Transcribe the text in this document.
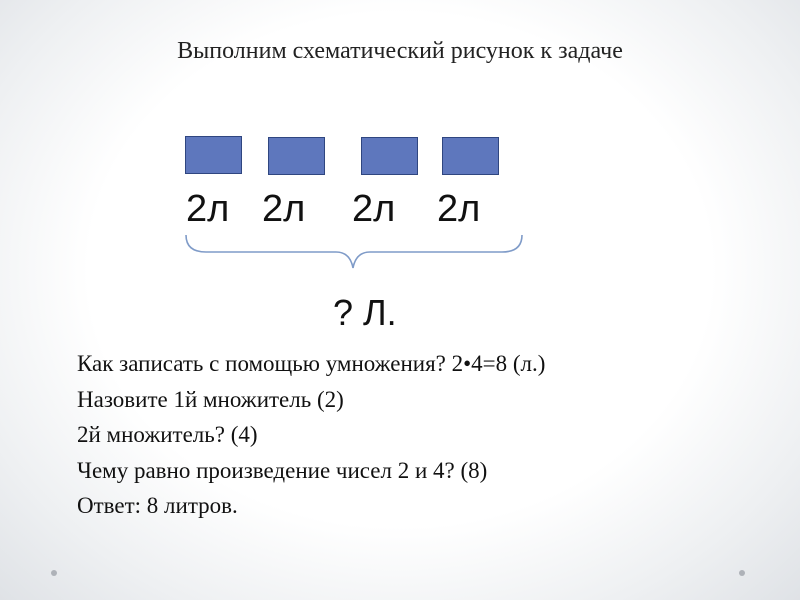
Выполним схематический рисунок к задаче
2л 2л 2л 2л
? Л.
Как записать с помощью умножения? 2•4=8 (л.)
Назовите 1й множитель (2)
2й множитель? (4)
Чему равно произведение чисел 2 и 4? (8)
Ответ: 8 литров.
